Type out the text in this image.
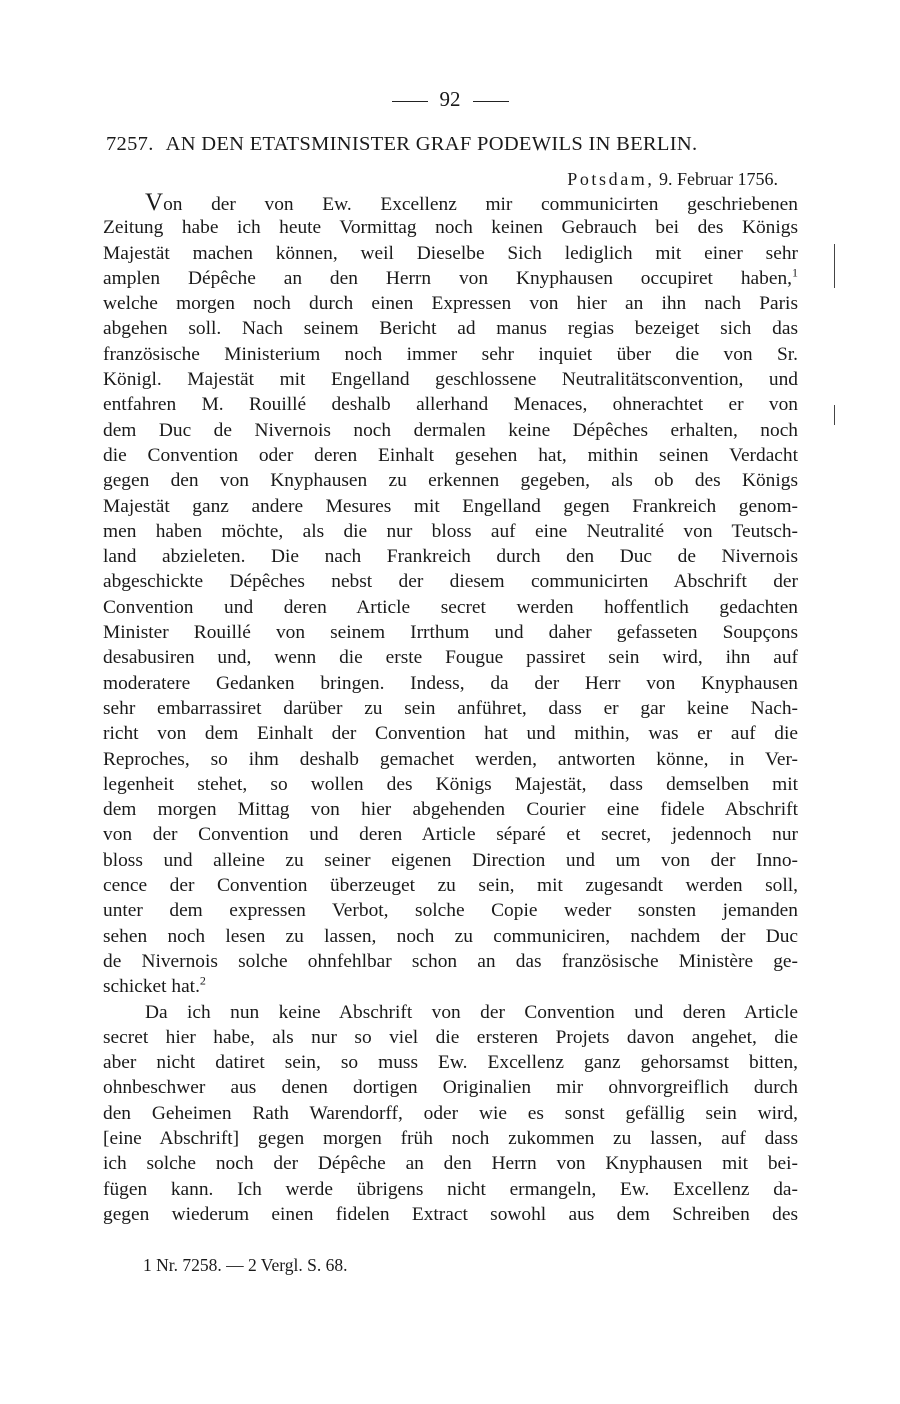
92
7257. AN DEN ETATSMINISTER GRAF PODEWILS IN BERLIN.
Potsdam, 9. Februar 1756.
Von der von Ew. Excellenz mir communicirten geschriebenen
Zeitung habe ich heute Vormittag noch keinen Gebrauch bei des Königs
Majestät machen können, weil Dieselbe Sich lediglich mit einer sehr
amplen Dépêche an den Herrn von Knyphausen occupiret haben,$^1$
welche morgen noch durch einen Expressen von hier an ihn nach Paris
abgehen soll. Nach seinem Bericht ad manus regias bezeiget sich das
französische Ministerium noch immer sehr inquiet über die von Sr.
Königl. Majestät mit Engelland geschlossene Neutralitätsconvention, und
entfahren M. Rouillé deshalb allerhand Menaces, ohnerachtet er von
dem Duc de Nivernois noch dermalen keine Dépêches erhalten, noch
die Convention oder deren Einhalt gesehen hat, mithin seinen Verdacht
gegen den von Knyphausen zu erkennen gegeben, als ob des Königs
Majestät ganz andere Mesures mit Engelland gegen Frankreich genom-
men haben möchte, als die nur bloss auf eine Neutralité von Teutsch-
land abzieleten. Die nach Frankreich durch den Duc de Nivernois
abgeschickte Dépêches nebst der diesem communicirten Abschrift der
Convention und deren Article secret werden hoffentlich gedachten
Minister Rouillé von seinem Irrthum und daher gefasseten Soupçons
desabusiren und, wenn die erste Fougue passiret sein wird, ihn auf
moderatere Gedanken bringen. Indess, da der Herr von Knyphausen
sehr embarrassiret darüber zu sein anführet, dass er gar keine Nach-
richt von dem Einhalt der Convention hat und mithin, was er auf die
Reproches, so ihm deshalb gemachet werden, antworten könne, in Ver-
legenheit stehet, so wollen des Königs Majestät, dass demselben mit
dem morgen Mittag von hier abgehenden Courier eine fidele Abschrift
von der Convention und deren Article séparé et secret, jedennoch nur
bloss und alleine zu seiner eigenen Direction und um von der Inno-
cence der Convention überzeuget zu sein, mit zugesandt werden soll,
unter dem expressen Verbot, solche Copie weder sonsten jemanden
sehen noch lesen zu lassen, noch zu communiciren, nachdem der Duc
de Nivernois solche ohnfehlbar schon an das französische Ministère ge-
schicket hat.$^2$
Da ich nun keine Abschrift von der Convention und deren Article
secret hier habe, als nur so viel die ersteren Projets davon angehet, die
aber nicht datiret sein, so muss Ew. Excellenz ganz gehorsamst bitten,
ohnbeschwer aus denen dortigen Originalien mir ohnvorgreiflich durch
den Geheimen Rath Warendorff, oder wie es sonst gefällig sein wird,
[eine Abschrift] gegen morgen früh noch zukommen zu lassen, auf dass
ich solche noch der Dépêche an den Herrn von Knyphausen mit bei-
fügen kann. Ich werde übrigens nicht ermangeln, Ew. Excellenz da-
gegen wiederum einen fidelen Extract sowohl aus dem Schreiben des
1 Nr. 7258. — 2 Vergl. S. 68.
